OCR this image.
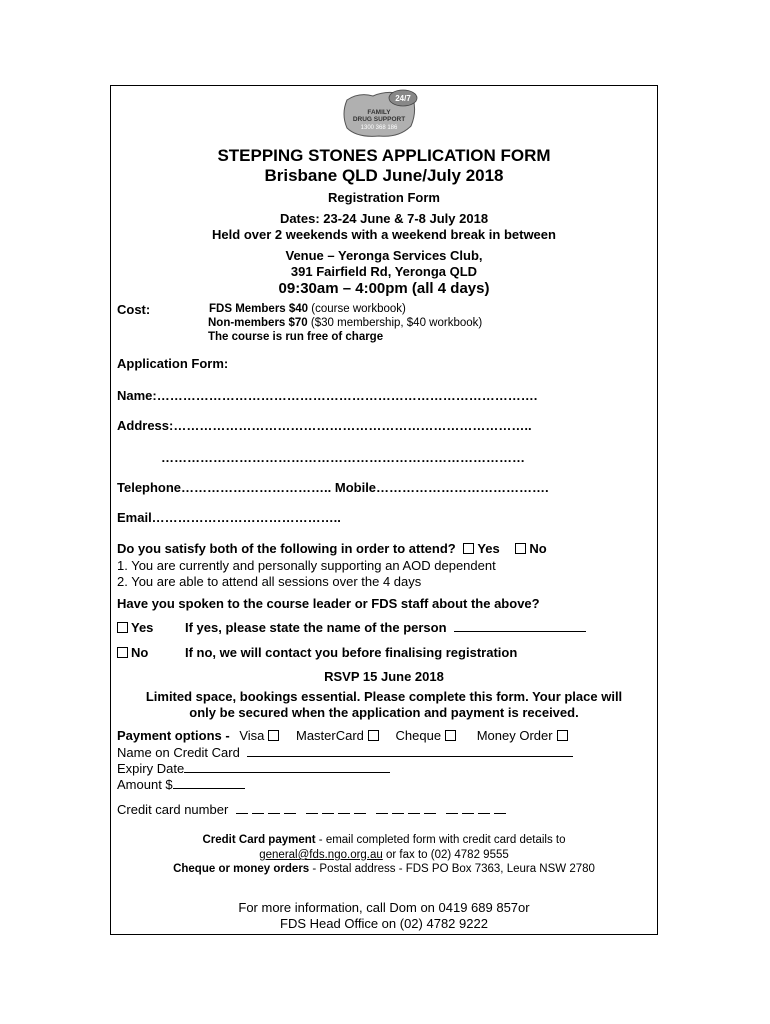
24/7
FAMILY
DRUG SUPPORT
1300 368 186
STEPPING STONES APPLICATION FORM
Brisbane QLD June/July 2018
Registration Form
Dates: 23-24 June & 7-8 July 2018
Held over 2 weekends with a weekend break in between
Venue – Yeronga Services Club,
391 Fairfield Rd, Yeronga QLD
09:30am – 4:00pm (all 4 days)
Cost:	FDS Members $40 (course workbook)
Non-members $70 ($30 membership, $40 workbook)
The course is run free of charge
Application Form:
Name:…………………………………………………………………………….
Address:………………………………………………………………………..
…………………………………………………………………………
Telephone…………………………….. Mobile………………………………….
Email……………………………………..
Do you satisfy both of the following in order to attend? Yes No
1. You are currently and personally supporting an AOD dependent
2. You are able to attend all sessions over the 4 days
Have you spoken to the course leader or FDS staff about the above?
Yes If yes, please state the name of the person
No	If no, we will contact you before finalising registration
RSVP 15 June 2018
Limited space, bookings essential. Please complete this form. Your place will
only be secured when the application and payment is received.
Payment options - Visa MasterCard Cheque	Money Order
Name on Credit Card
Expiry Date
Amount $
Credit card number
Credit Card payment - email completed form with credit card details to
general@fds.ngo.org.au or fax to (02) 4782 9555
Cheque or money orders - Postal address - FDS PO Box 7363, Leura NSW 2780
For more information, call Dom on 0419 689 857or
FDS Head Office on (02) 4782 9222
